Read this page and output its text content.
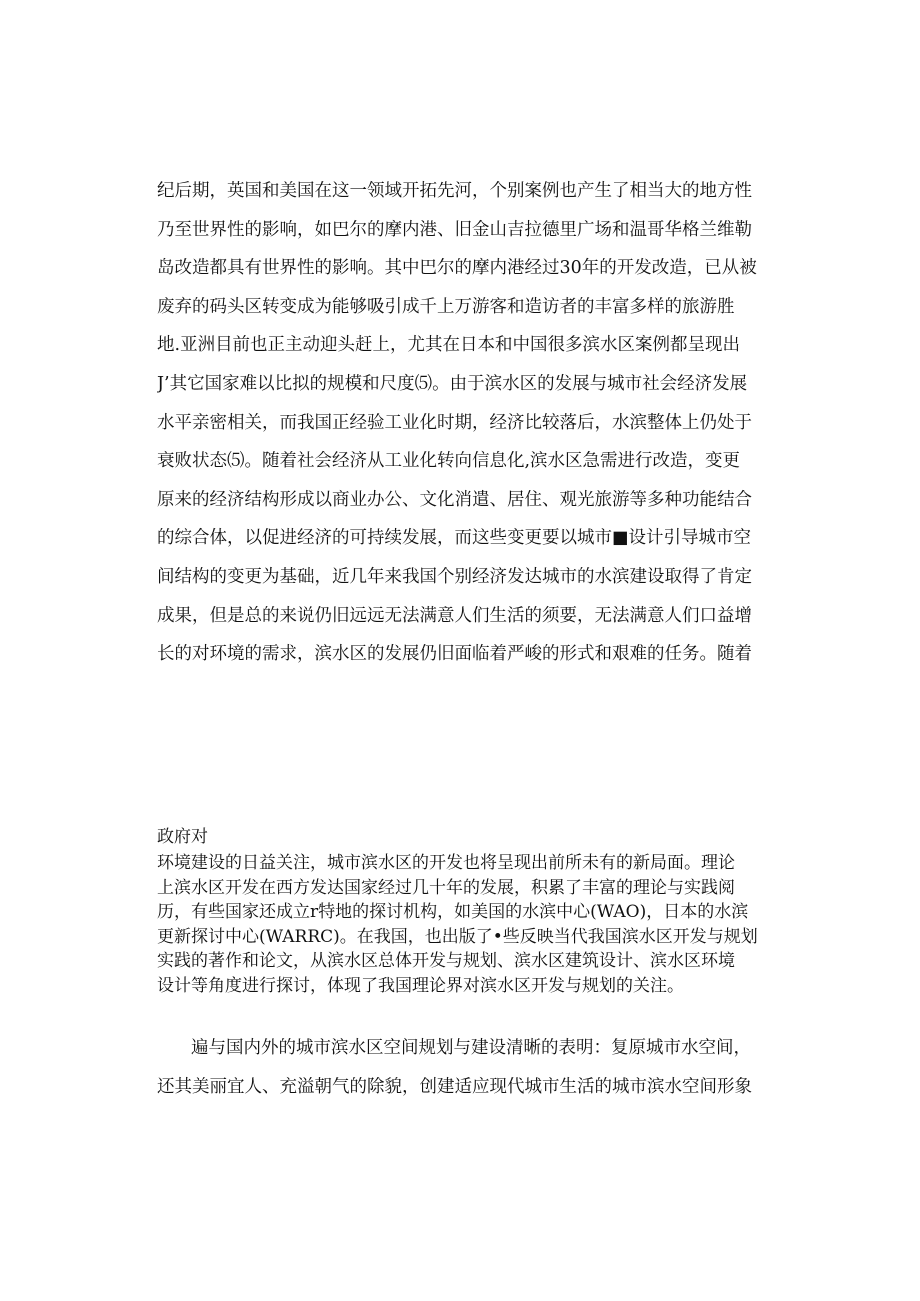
纪后期，英国和美国在这一领域开拓先河，个别案例也产生了相当大的地方性
乃至世界性的影响，如巴尔的摩内港、旧金山吉拉德里广场和温哥华格兰维勒
岛改造都具有世界性的影响。其中巴尔的摩内港经过30年的开发改造，已从被
废弃的码头区转变成为能够吸引成千上万游客和造访者的丰富多样的旅游胜
地.亚洲目前也正主动迎头赶上，尤其在日本和中国很多滨水区案例都呈现出
J’其它国家难以比拟的规模和尺度⑸。由于滨水区的发展与城市社会经济发展
水平亲密相关，而我国正经验工业化时期，经济比较落后，水滨整体上仍处于
衰败状态⑸。随着社会经济从工业化转向信息化,滨水区急需进行改造，变更
原来的经济结构形成以商业办公、文化消遣、居住、观光旅游等多种功能结合
的综合体，以促进经济的可持续发展，而这些变更要以城市■设计引导城市空
间结构的变更为基础，近几年来我国个别经济发达城市的水滨建设取得了肯定
成果，但是总的来说仍旧远远无法满意人们生活的须要，无法满意人们口益增
长的对环境的需求，滨水区的发展仍旧面临着严峻的形式和艰难的任务。随着
政府对
环境建设的日益关注，城市滨水区的开发也将呈现出前所未有的新局面。理论
上滨水区开发在西方发达国家经过几十年的发展，积累了丰富的理论与实践阅
历，有些国家还成立r特地的探讨机构，如美国的水滨中心(WAO)，日本的水滨
更新探讨中心(WARRC)。在我国，也出版了•些反映当代我国滨水区开发与规划
实践的著作和论文，从滨水区总体开发与规划、滨水区建筑设计、滨水区环境
设计等角度进行探讨，体现了我国理论界对滨水区开发与规划的关注。
遍与国内外的城市滨水区空间规划与建设清晰的表明：复原城市水空间，
还其美丽宜人、充溢朝气的除貌，创建适应现代城市生活的城市滨水空间形象
